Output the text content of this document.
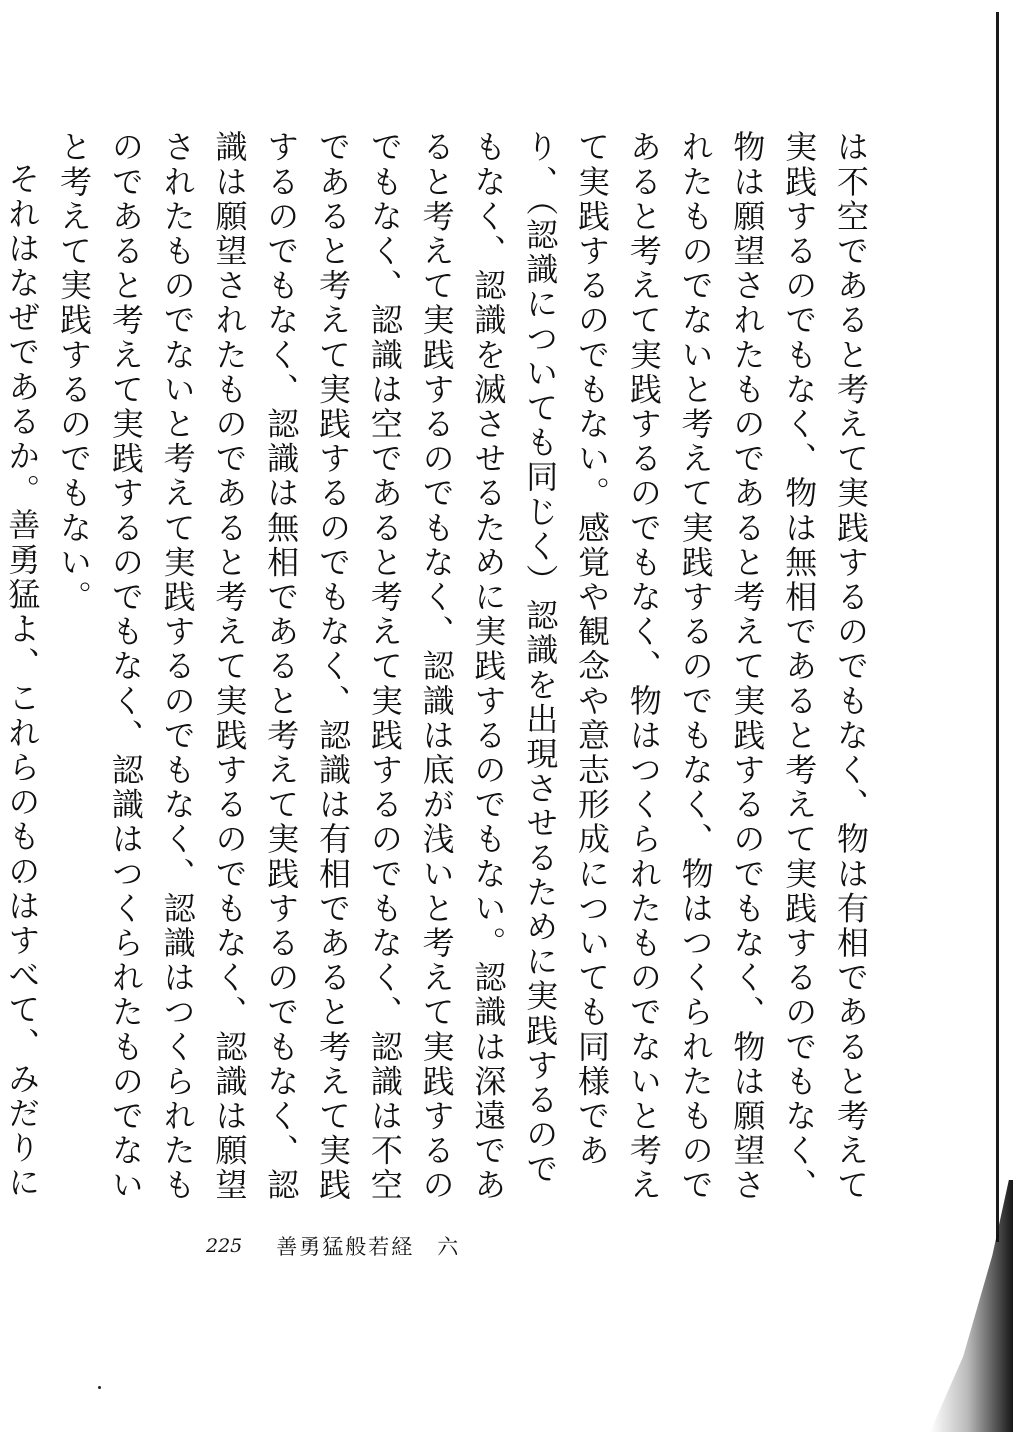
は不空であると考えて実践するのでもなく、物は有相であると考えて実践するのでもなく、物は無相であると考えて実践するのでもなく、物は願望されたものであると考えて実践するのでもなく、物は願望されたものでないと考えて実践するのでもなく、物はつくられたものであると考えて実践するのでもなく、物はつくられたものでないと考えて実践するのでもない。感覚や観念や意志形成についても同様であり、（認識についても同じく）認識を出現させるために実践するのでもなく、認識を滅させるために実践するのでもない。認識は深遠であると考えて実践するのでもなく、認識は底が浅いと考えて実践するのでもなく、認識は空であると考えて実践するのでもなく、認識は不空であると考えて実践するのでもなく、認識は有相であると考えて実践するのでもなく、認識は無相であると考えて実践するのでもなく、認識は願望されたものであると考えて実践するのでもなく、認識は願望されたものでないと考えて実践するのでもなく、認識はつくられたものであると考えて実践するのでもなく、認識はつくられたものでないと考えて実践するのでもない。

それはなぜであるか。善勇猛よ、これらのものはすべて、みだりに

225 善勇猛般若経　六
